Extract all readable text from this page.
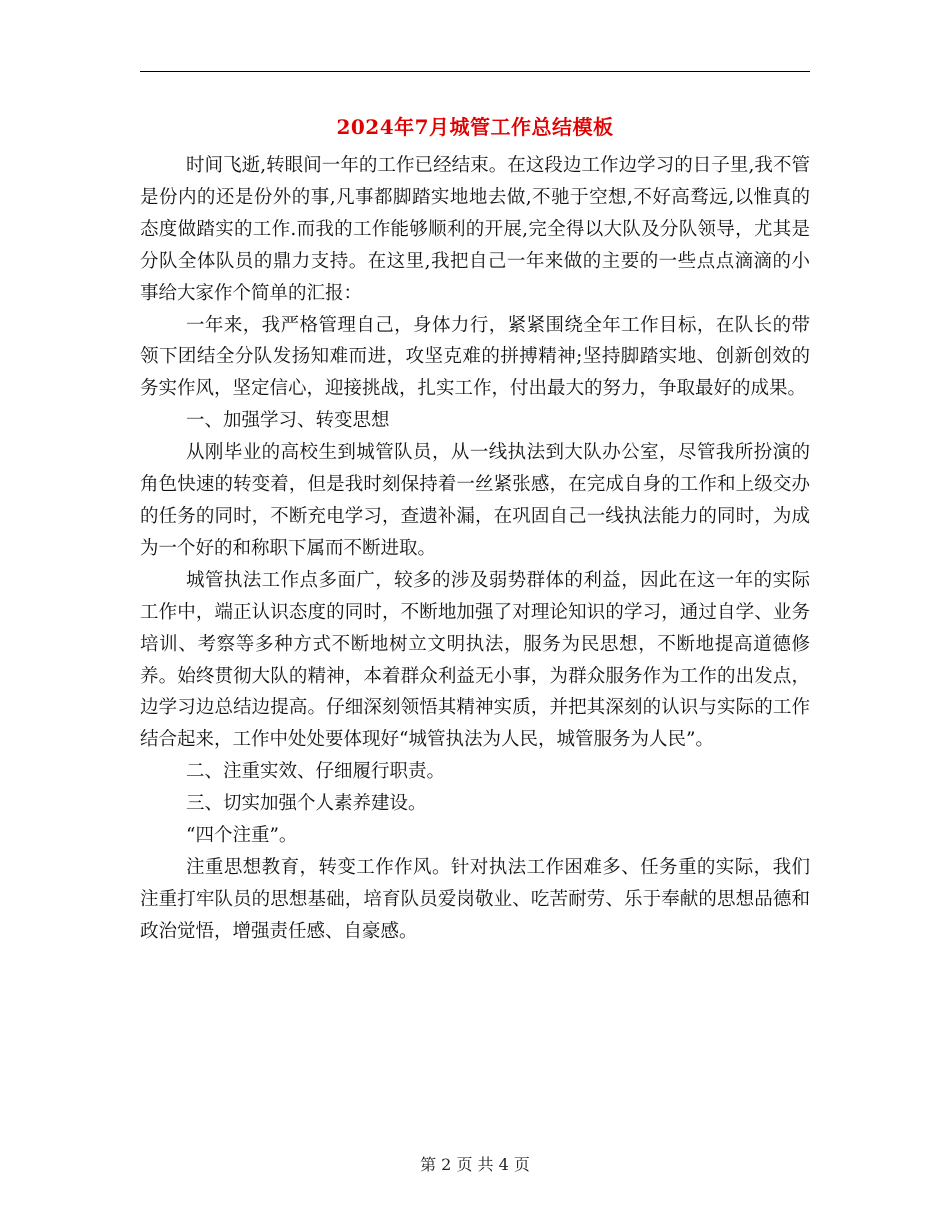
2024年7月城管工作总结模板

时间飞逝,转眼间一年的工作已经结束。在这段边工作边学习的日子里,我不管是份内的还是份外的事,凡事都脚踏实地地去做,不驰于空想,不好高骛远,以惟真的态度做踏实的工作.而我的工作能够顺利的开展,完全得以大队及分队领导，尤其是分队全体队员的鼎力支持。在这里,我把自己一年来做的主要的一些点点滴滴的小事给大家作个简单的汇报：

一年来，我严格管理自己，身体力行，紧紧围绕全年工作目标，在队长的带领下团结全分队发扬知难而进，攻坚克难的拼搏精神;坚持脚踏实地、创新创效的务实作风，坚定信心，迎接挑战，扎实工作，付出最大的努力，争取最好的成果。

一、加强学习、转变思想

从刚毕业的高校生到城管队员，从一线执法到大队办公室，尽管我所扮演的角色快速的转变着，但是我时刻保持着一丝紧张感，在完成自身的工作和上级交办的任务的同时，不断充电学习，查遗补漏，在巩固自己一线执法能力的同时，为成为一个好的和称职下属而不断进取。

城管执法工作点多面广，较多的涉及弱势群体的利益，因此在这一年的实际工作中，端正认识态度的同时，不断地加强了对理论知识的学习，通过自学、业务培训、考察等多种方式不断地树立文明执法，服务为民思想，不断地提高道德修养。始终贯彻大队的精神，本着群众利益无小事，为群众服务作为工作的出发点，边学习边总结边提高。仔细深刻领悟其精神实质，并把其深刻的认识与实际的工作结合起来，工作中处处要体现好“城管执法为人民，城管服务为人民”。

二、注重实效、仔细履行职责。

三、切实加强个人素养建设。

“四个注重”。

注重思想教育，转变工作作风。针对执法工作困难多、任务重的实际，我们注重打牢队员的思想基础，培育队员爱岗敬业、吃苦耐劳、乐于奉献的思想品德和政治觉悟，增强责任感、自豪感。

第 2 页 共 4 页
